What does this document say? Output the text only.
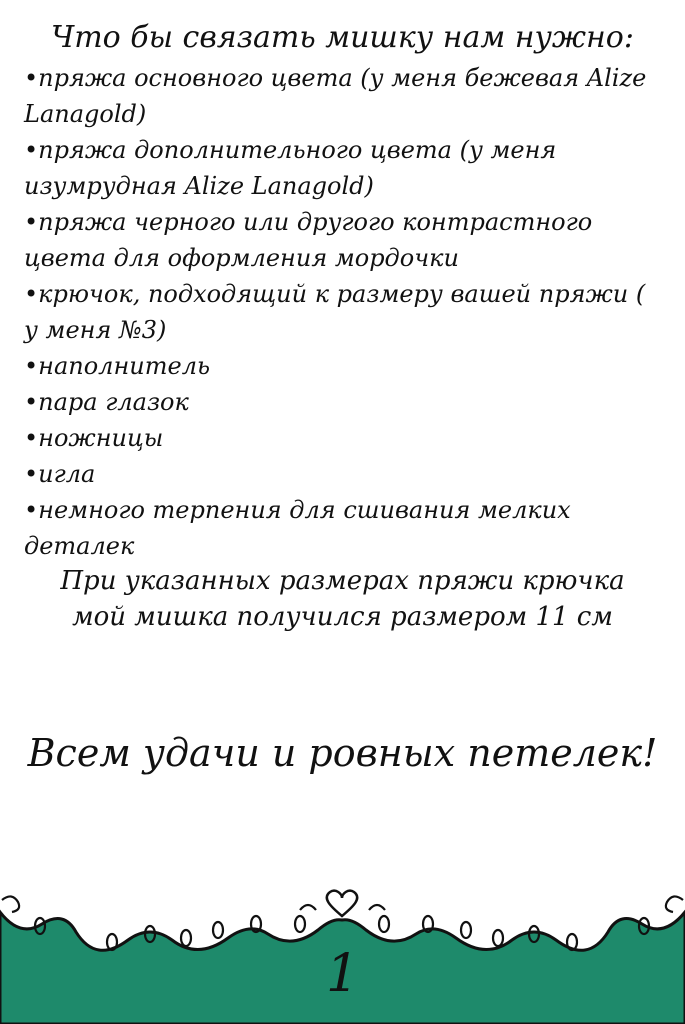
Что бы связать мишку нам нужно:
•пряжа основного цвета (у меня бежевая Alize Lanagold)
•пряжа дополнительного цвета (у меня изумрудная Alize Lanagold)
•пряжа черного или другого контрастного цвета для оформления мордочки
•крючок, подходящий к размеру вашей пряжи ( у меня №3)
•наполнитель
•пара глазок
•ножницы
•игла
•немного терпения для сшивания мелких деталек
При указанных размерах пряжи крючка мой мишка получился размером 11 см
Всем удачи и ровных петелек!
1
